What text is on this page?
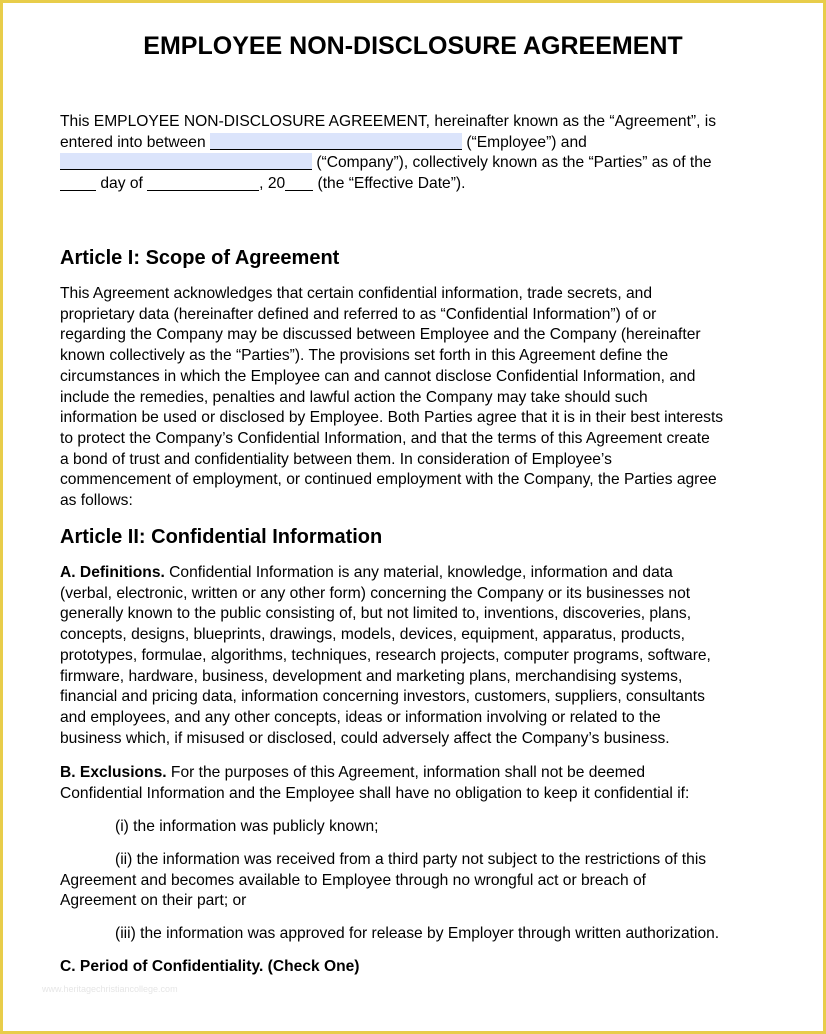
EMPLOYEE NON-DISCLOSURE AGREEMENT
This EMPLOYEE NON-DISCLOSURE AGREEMENT, hereinafter known as the “Agreement”, is
entered into between	(“Employee”) and
(“Company”), collectively known as the “Parties” as of the
day of	, 20 (the “Effective Date”).
Article I: Scope of Agreement
This Agreement acknowledges that certain confidential information, trade secrets, and
proprietary data (hereinafter defined and referred to as “Confidential Information”) of or
regarding the Company may be discussed between Employee and the Company (hereinafter
known collectively as the “Parties”). The provisions set forth in this Agreement define the
circumstances in which the Employee can and cannot disclose Confidential Information, and
include the remedies, penalties and lawful action the Company may take should such
information be used or disclosed by Employee. Both Parties agree that it is in their best interests
to protect the Company’s Confidential Information, and that the terms of this Agreement create
a bond of trust and confidentiality between them. In consideration of Employee’s
commencement of employment, or continued employment with the Company, the Parties agree
as follows:
Article II: Confidential Information
A. Definitions. Confidential Information is any material, knowledge, information and data
(verbal, electronic, written or any other form) concerning the Company or its businesses not
generally known to the public consisting of, but not limited to, inventions, discoveries, plans,
concepts, designs, blueprints, drawings, models, devices, equipment, apparatus, products,
prototypes, formulae, algorithms, techniques, research projects, computer programs, software,
firmware, hardware, business, development and marketing plans, merchandising systems,
financial and pricing data, information concerning investors, customers, suppliers, consultants
and employees, and any other concepts, ideas or information involving or related to the
business which, if misused or disclosed, could adversely affect the Company’s business.
B. Exclusions. For the purposes of this Agreement, information shall not be deemed
Confidential Information and the Employee shall have no obligation to keep it confidential if:
(i) the information was publicly known;
(ii) the information was received from a third party not subject to the restrictions of this
Agreement and becomes available to Employee through no wrongful act or breach of
Agreement on their part; or
(iii) the information was approved for release by Employer through written authorization.
C. Period of Confidentiality. (Check One)
www.heritagechristiancollege.com
